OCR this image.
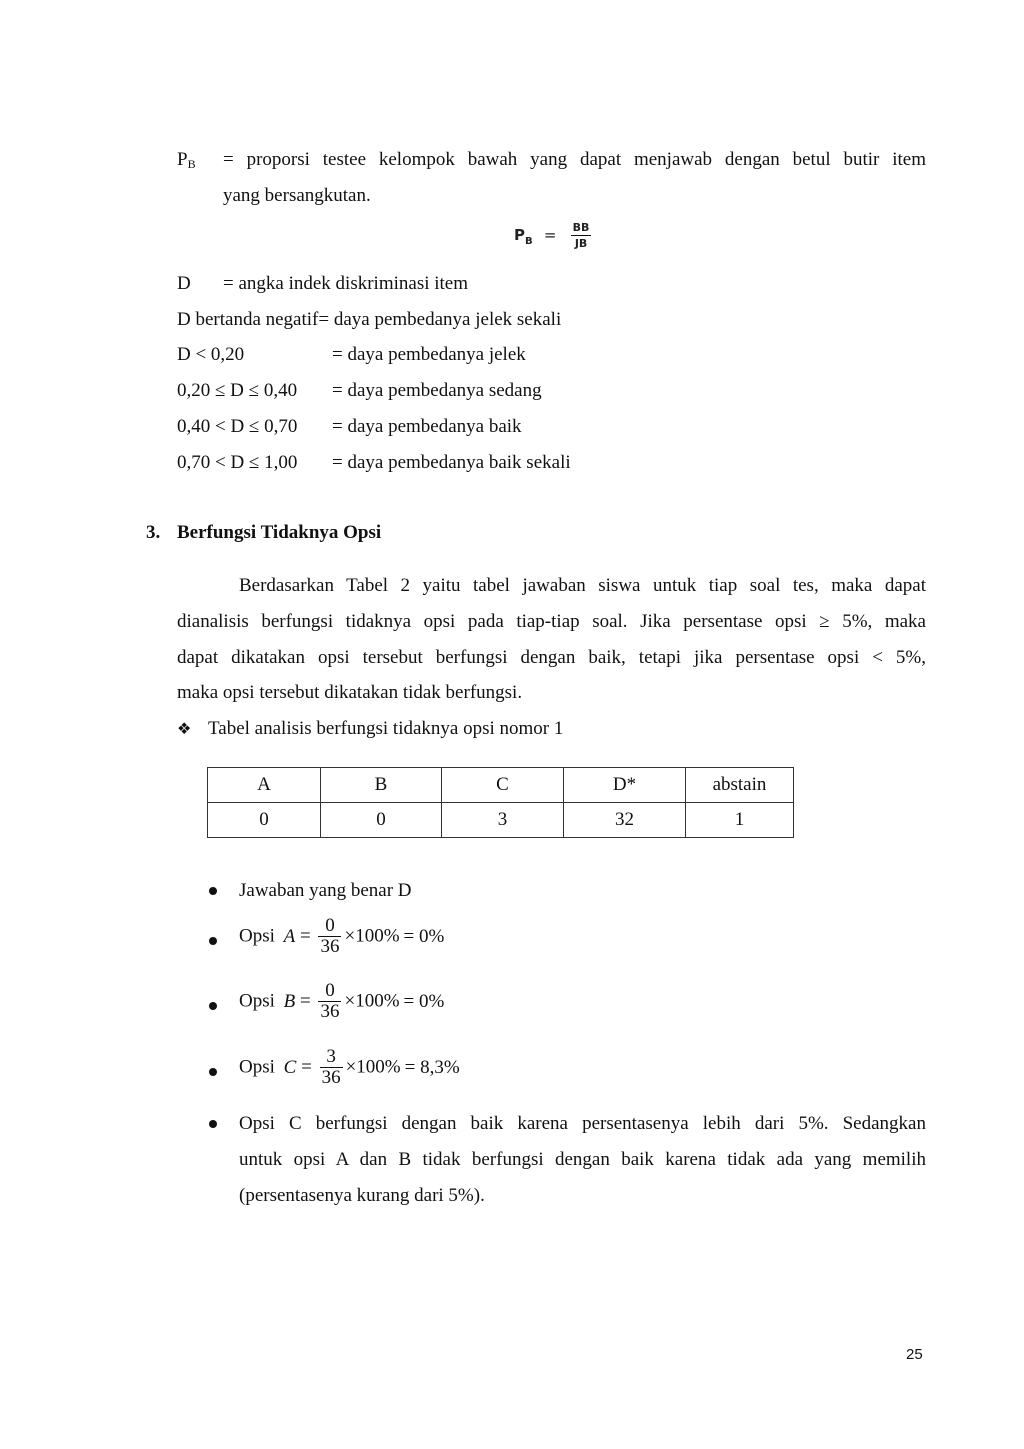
$P_B$ = proporsi testee kelompok bawah yang dapat menjawab dengan betul butir item
yang bersangkutan.
$P_B = \frac{BB}{JB}$
D = angka indek diskriminasi item
D bertanda negatif= daya pembedanya jelek sekali
D < 0,20	= daya pembedanya jelek
0,20 ≤ D ≤ 0,40 = daya pembedanya sedang
0,40 < D ≤ 0,70 = daya pembedanya baik
0,70 < D ≤ 1,00 = daya pembedanya baik sekali
3. Berfungsi Tidaknya Opsi
Berdasarkan Tabel 2 yaitu tabel jawaban siswa untuk tiap soal tes, maka dapat
dianalisis berfungsi tidaknya opsi pada tiap-tiap soal. Jika persentase opsi ≥ 5%, maka
dapat dikatakan opsi tersebut berfungsi dengan baik, tetapi jika persentase opsi < 5%,
maka opsi tersebut dikatakan tidak berfungsi.
❖ Tabel analisis berfungsi tidaknya opsi nomor 1
A	B	C	D*	abstain
0	0	3	32	1
Jawaban yang benar D
Opsi $A = \frac{0}{36} \times 100\% = 0\%$
Opsi $B = \frac{0}{36} \times 100\% = 0\%$
Opsi $C = \frac{3}{36} \times 100\% = 8,3\%$
Opsi C berfungsi dengan baik karena persentasenya lebih dari 5%. Sedangkan
untuk opsi A dan B tidak berfungsi dengan baik karena tidak ada yang memilih
(persentasenya kurang dari 5%).
25
